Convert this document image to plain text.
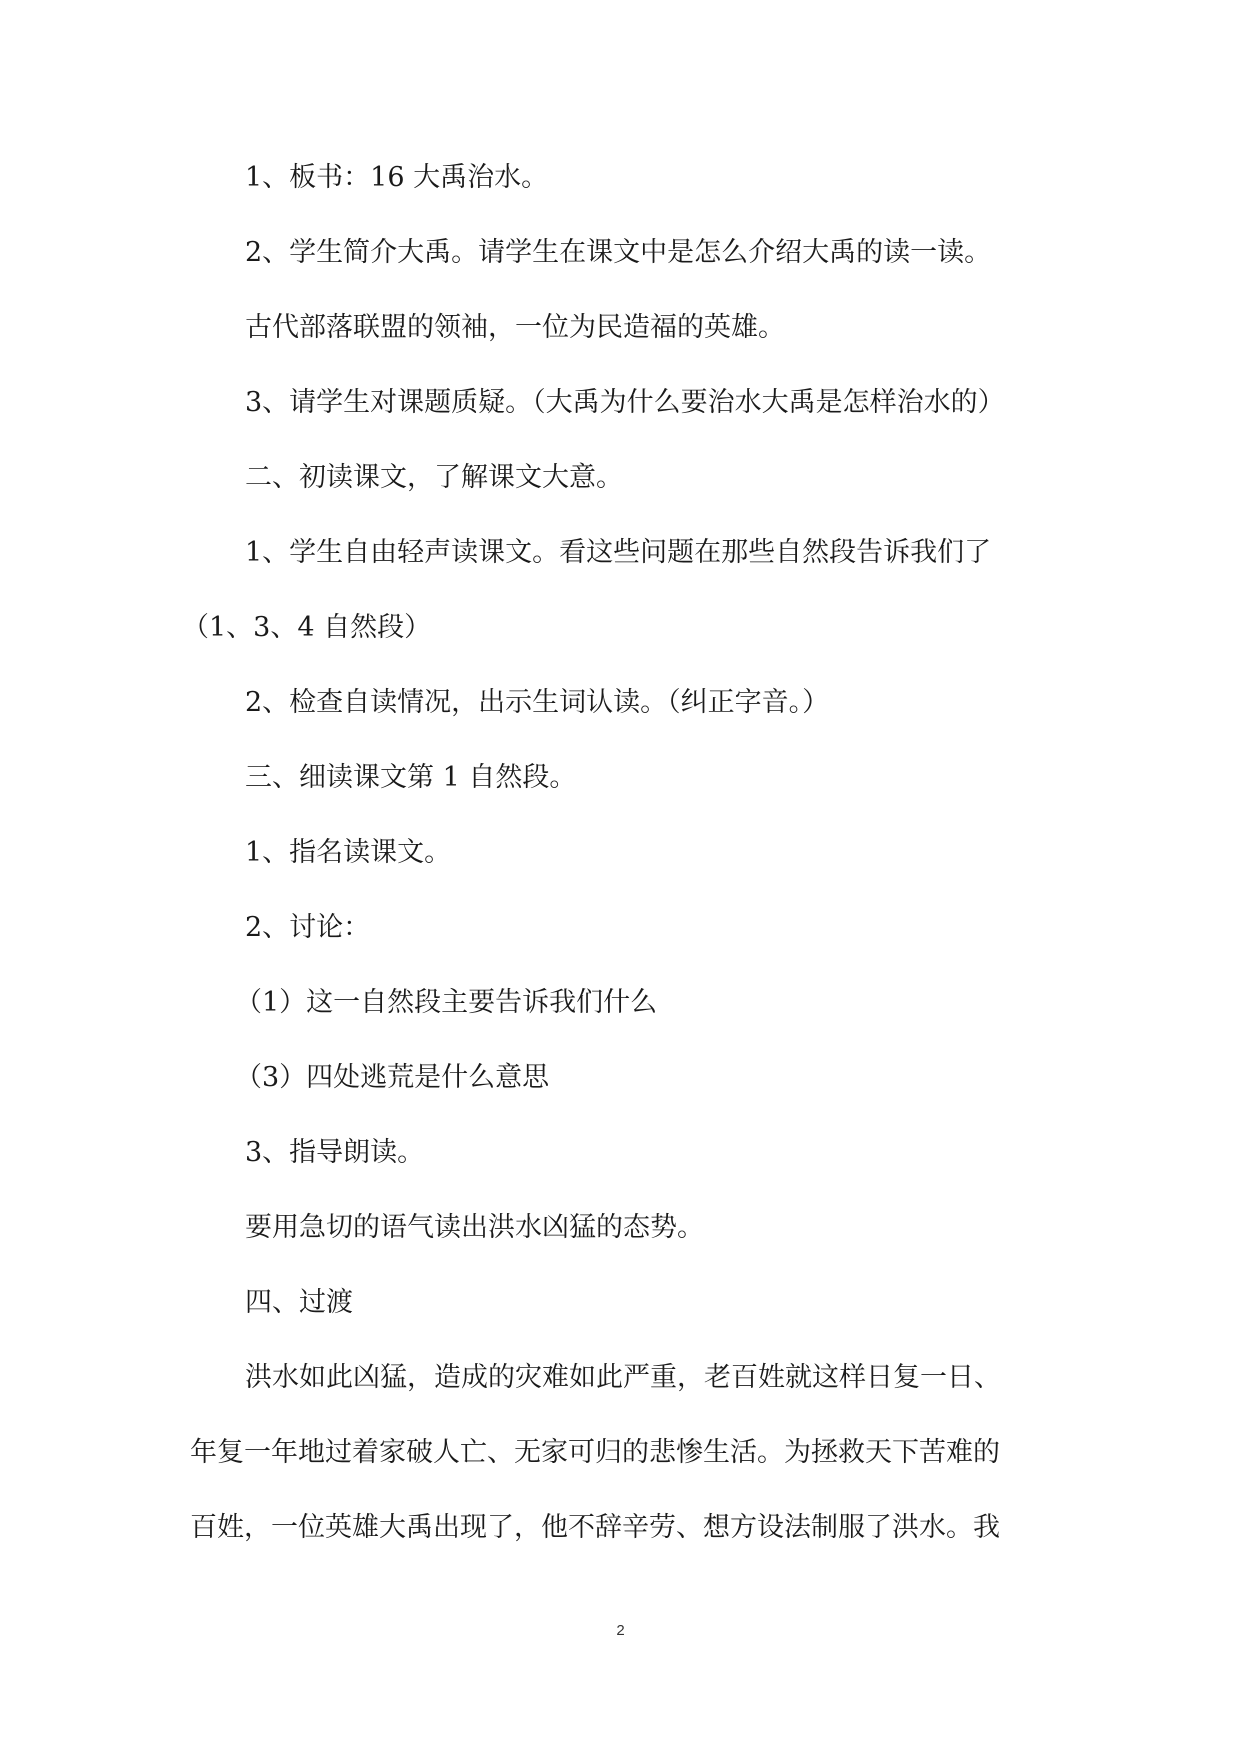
1、板书：16 大禹治水。

2、学生简介大禹。请学生在课文中是怎么介绍大禹的读一读。

古代部落联盟的领袖，一位为民造福的英雄。

3、请学生对课题质疑。（大禹为什么要治水大禹是怎样治水的）

二、初读课文，了解课文大意。

1、学生自由轻声读课文。看这些问题在那些自然段告诉我们了

（1、3、4 自然段）

2、检查自读情况，出示生词认读。（纠正字音。）

三、细读课文第 1 自然段。

1、指名读课文。

2、讨论：

（1）这一自然段主要告诉我们什么

（3）四处逃荒是什么意思

3、指导朗读。

要用急切的语气读出洪水凶猛的态势。

四、过渡

洪水如此凶猛，造成的灾难如此严重，老百姓就这样日复一日、

年复一年地过着家破人亡、无家可归的悲惨生活。为拯救天下苦难的

百姓，一位英雄大禹出现了，他不辞辛劳、想方设法制服了洪水。我

2
